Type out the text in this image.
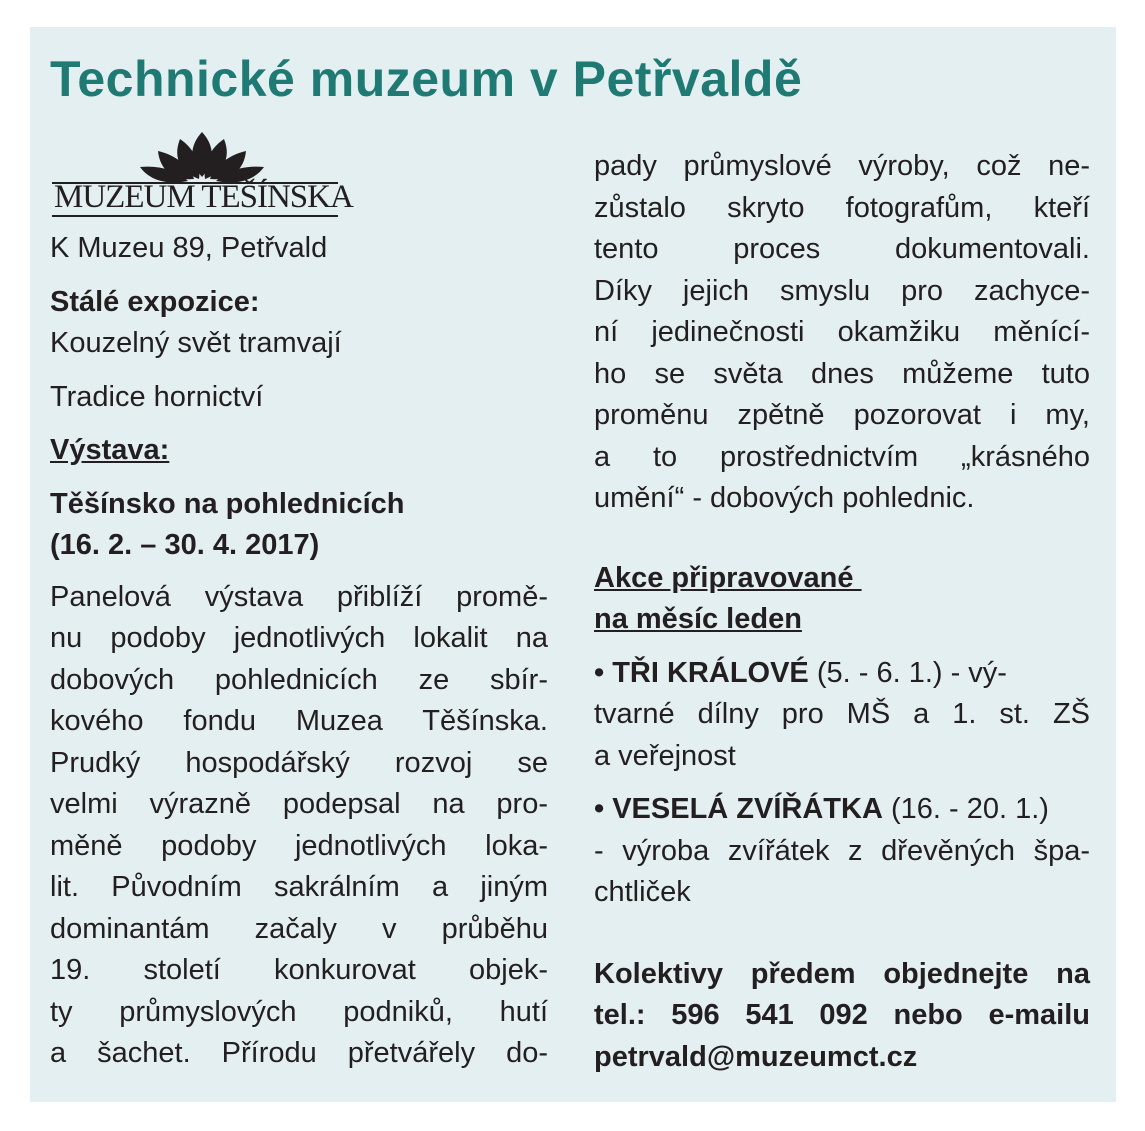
Technické muzeum v Petřvaldě
MUZEUM TĚŠÍNSKA
K Muzeu 89, Petřvald
Stálé expozice:
Kouzelný svět tramvají
Tradice hornictví
Výstava:
Těšínsko na pohlednicích
(16. 2. – 30. 4. 2017)
Panelová výstava přiblíží promě-
nu podoby jednotlivých lokalit na
dobových pohlednicích ze sbír-
kového fondu Muzea Těšínska.
Prudký hospodářský rozvoj se
velmi výrazně podepsal na pro-
měně podoby jednotlivých loka-
lit. Původním sakrálním a jiným
dominantám začaly v průběhu
19. století konkurovat objek-
ty průmyslových podniků, hutí
a šachet. Přírodu přetvářely do-
pady průmyslové výroby, což ne-
zůstalo skryto fotografům, kteří
tento proces dokumentovali.
Díky jejich smyslu pro zachyce-
ní jedinečnosti okamžiku měnící-
ho se světa dnes můžeme tuto
proměnu zpětně pozorovat i my,
a to prostřednictvím „krásného
umění“ - dobových pohlednic.
Akce připravované
na měsíc leden
• TŘI KRÁLOVÉ (5. - 6. 1.) - vý-
tvarné dílny pro MŠ a 1. st. ZŠ
a veřejnost
• VESELÁ ZVÍŘÁTKA (16. - 20. 1.)
- výroba zvířátek z dřevěných špa-
chtliček
Kolektivy předem objednejte na
tel.: 596 541 092 nebo e-mailu
petrvald@muzeumct.cz
